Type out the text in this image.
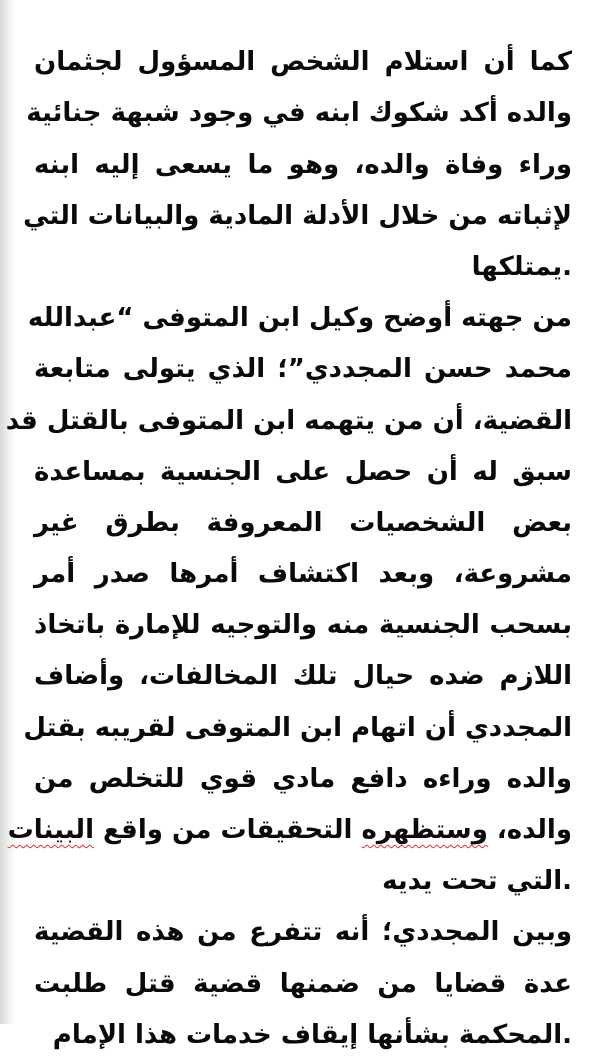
كما أن استلام الشخص المسؤول لجثمان
والده أكد شكوك ابنه في وجود شبهة جنائية
وراء وفاة والده، وهو ما يسعى إليه ابنه
لإثباته من خلال الأدلة المادية والبيانات التي
.يمتلكها
من جهته أوضح وكيل ابن المتوفى “عبدالله
محمد حسن المجددي”؛ الذي يتولى متابعة
القضية، أن من يتهمه ابن المتوفى بالقتل قد
سبق له أن حصل على الجنسية بمساعدة
بعض الشخصيات المعروفة بطرق غير
مشروعة، وبعد اكتشاف أمرها صدر أمر
بسحب الجنسية منه والتوجيه للإمارة باتخاذ
اللازم ضده حيال تلك المخالفات، وأضاف
المجددي أن اتهام ابن المتوفى لقريبه بقتل
والده وراءه دافع مادي قوي للتخلص من
والده، وستظهره التحقيقات من واقع البينات
.التي تحت يديه
وبين المجددي؛ أنه تتفرع من هذه القضية
عدة قضايا من ضمنها قضية قتل طلبت
.المحكمة بشأنها إيقاف خدمات هذا الإمام
